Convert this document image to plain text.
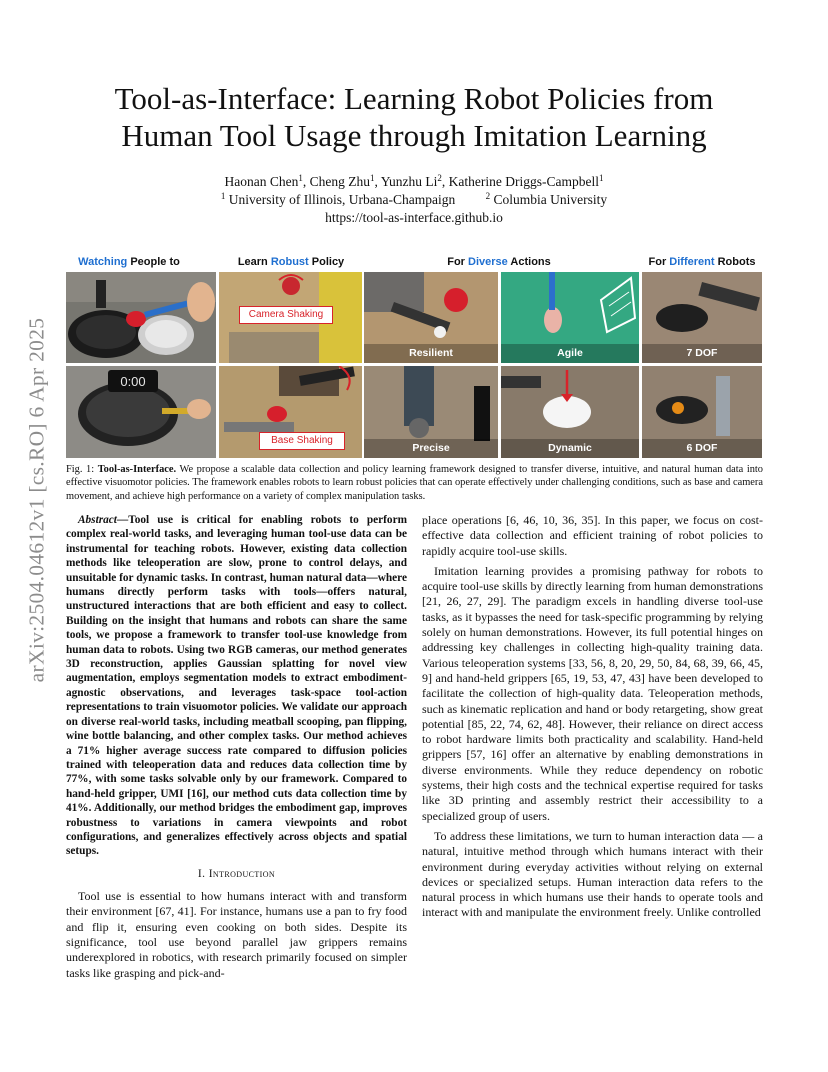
arXiv:2504.04612v1 [cs.RO] 6 Apr 2025
Tool-as-Interface: Learning Robot Policies from Human Tool Usage through Imitation Learning
Haonan Chen$^1$, Cheng Zhu$^1$, Yunzhu Li$^2$, Katherine Driggs-Campbell$^1$
$^1$ University of Illinois, Urbana-Champaign	$^2$ Columbia University
https://tool-as-interface.github.io
Watching People to	Learn Robust Policy	For Diverse Actions	For Different Robots
0:00
Camera Shaking
Base Shaking
Resilient	Agile
Precise	Dynamic
7 DOF
6 DOF

Fig. 1: Tool-as-Interface. We propose a scalable data collection and policy learning framework designed to transfer diverse, intuitive, and natural human data into effective visuomotor policies. The framework enables robots to learn robust policies that can operate effectively under challenging conditions, such as base and camera movement, and achieve high performance on a variety of complex manipulation tasks.

Abstract—Tool use is critical for enabling robots to perform complex real-world tasks, and leveraging human tool-use data can be instrumental for teaching robots. However, existing data collection methods like teleoperation are slow, prone to control delays, and unsuitable for dynamic tasks. In contrast, human natural data—where humans directly perform tasks with tools—offers natural, unstructured interactions that are both efficient and easy to collect. Building on the insight that humans and robots can share the same tools, we propose a framework to transfer tool-use knowledge from human data to robots. Using two RGB cameras, our method generates 3D reconstruction, applies Gaussian splatting for novel view augmentation, employs segmentation models to extract embodiment-agnostic observations, and leverages task-space tool-action representations to train visuomotor policies. We validate our approach on diverse real-world tasks, including meatball scooping, pan flipping, wine bottle balancing, and other complex tasks. Our method achieves a 71% higher average success rate compared to diffusion policies trained with teleoperation data and reduces data collection time by 77%, with some tasks solvable only by our framework. Compared to hand-held gripper, UMI [16], our method cuts data collection time by 41%. Additionally, our method bridges the embodiment gap, improves robustness to variations in camera viewpoints and robot configurations, and generalizes effectively across objects and spatial setups.

I. Introduction

Tool use is essential to how humans interact with and transform their environment [67, 41]. For instance, humans use a pan to fry food and flip it, ensuring even cooking on both sides. Despite its significance, tool use beyond parallel jaw grippers remains underexplored in robotics, with research primarily focused on simpler tasks like grasping and pick-and-

place operations [6, 46, 10, 36, 35]. In this paper, we focus on cost-effective data collection and efficient training of robot policies to rapidly acquire tool-use skills.

Imitation learning provides a promising pathway for robots to acquire tool-use skills by directly learning from human demonstrations [21, 26, 27, 29]. The paradigm excels in handling diverse tool-use tasks, as it bypasses the need for task-specific programming by relying solely on human demonstrations. However, its full potential hinges on addressing key challenges in collecting high-quality training data. Various teleoperation systems [33, 56, 8, 20, 29, 50, 84, 68, 39, 66, 45, 9] and hand-held grippers [65, 19, 53, 47, 43] have been developed to facilitate the collection of high-quality data. Teleoperation methods, such as kinematic replication and hand or body retargeting, show great potential [85, 22, 74, 62, 48]. However, their reliance on direct access to robot hardware limits both practicality and scalability. Hand-held grippers [57, 16] offer an alternative by enabling demonstrations in diverse environments. While they reduce dependency on robotic systems, their high costs and the technical expertise required for tasks like 3D printing and assembly restrict their accessibility to a specialized group of users.

To address these limitations, we turn to human interaction data — a natural, intuitive method through which humans interact with their environment during everyday activities without relying on external devices or specialized setups. Human interaction data refers to the natural process in which humans use their hands to operate tools and interact with and manipulate the environment freely. Unlike controlled
